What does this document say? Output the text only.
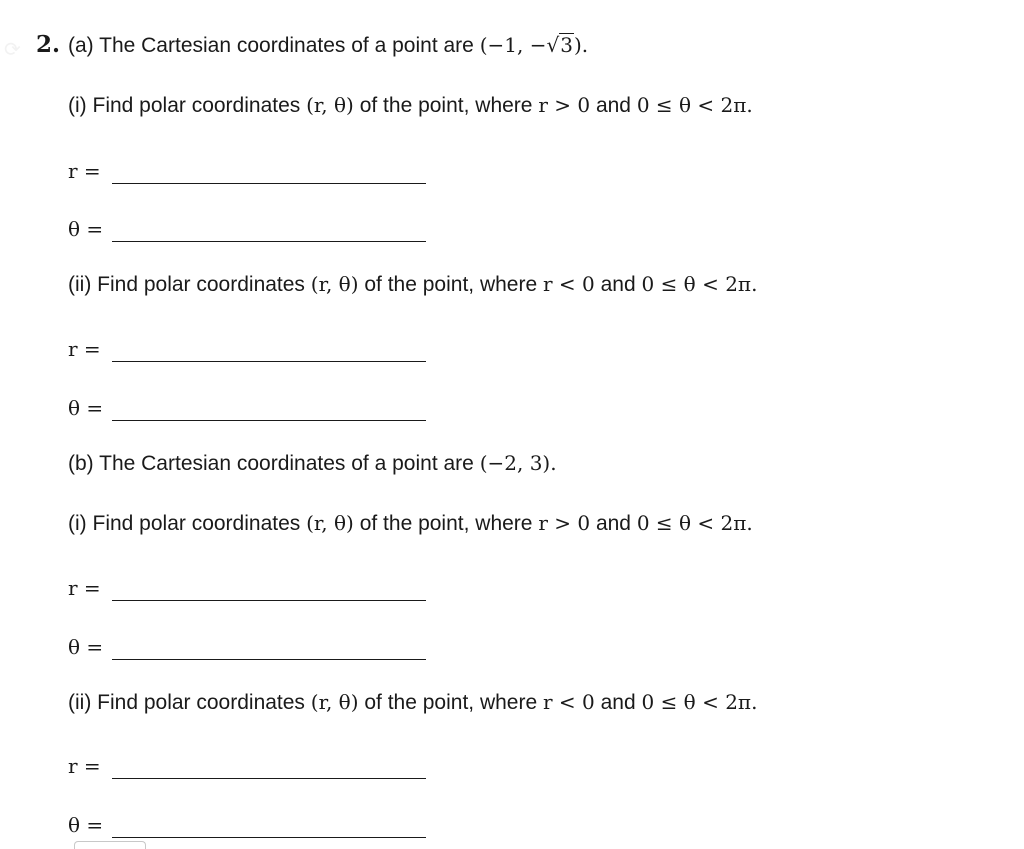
⟳ 2. (a) The Cartesian coordinates of a point are (−1, −√3).
(i) Find polar coordinates (r, θ) of the point, where r > 0 and 0 ≤ θ < 2π.
r =
θ =
(ii) Find polar coordinates (r, θ) of the point, where r < 0 and 0 ≤ θ < 2π.
r =
θ =
(b) The Cartesian coordinates of a point are (−2, 3).
(i) Find polar coordinates (r, θ) of the point, where r > 0 and 0 ≤ θ < 2π.
r =
θ =
(ii) Find polar coordinates (r, θ) of the point, where r < 0 and 0 ≤ θ < 2π.
r =
θ =
